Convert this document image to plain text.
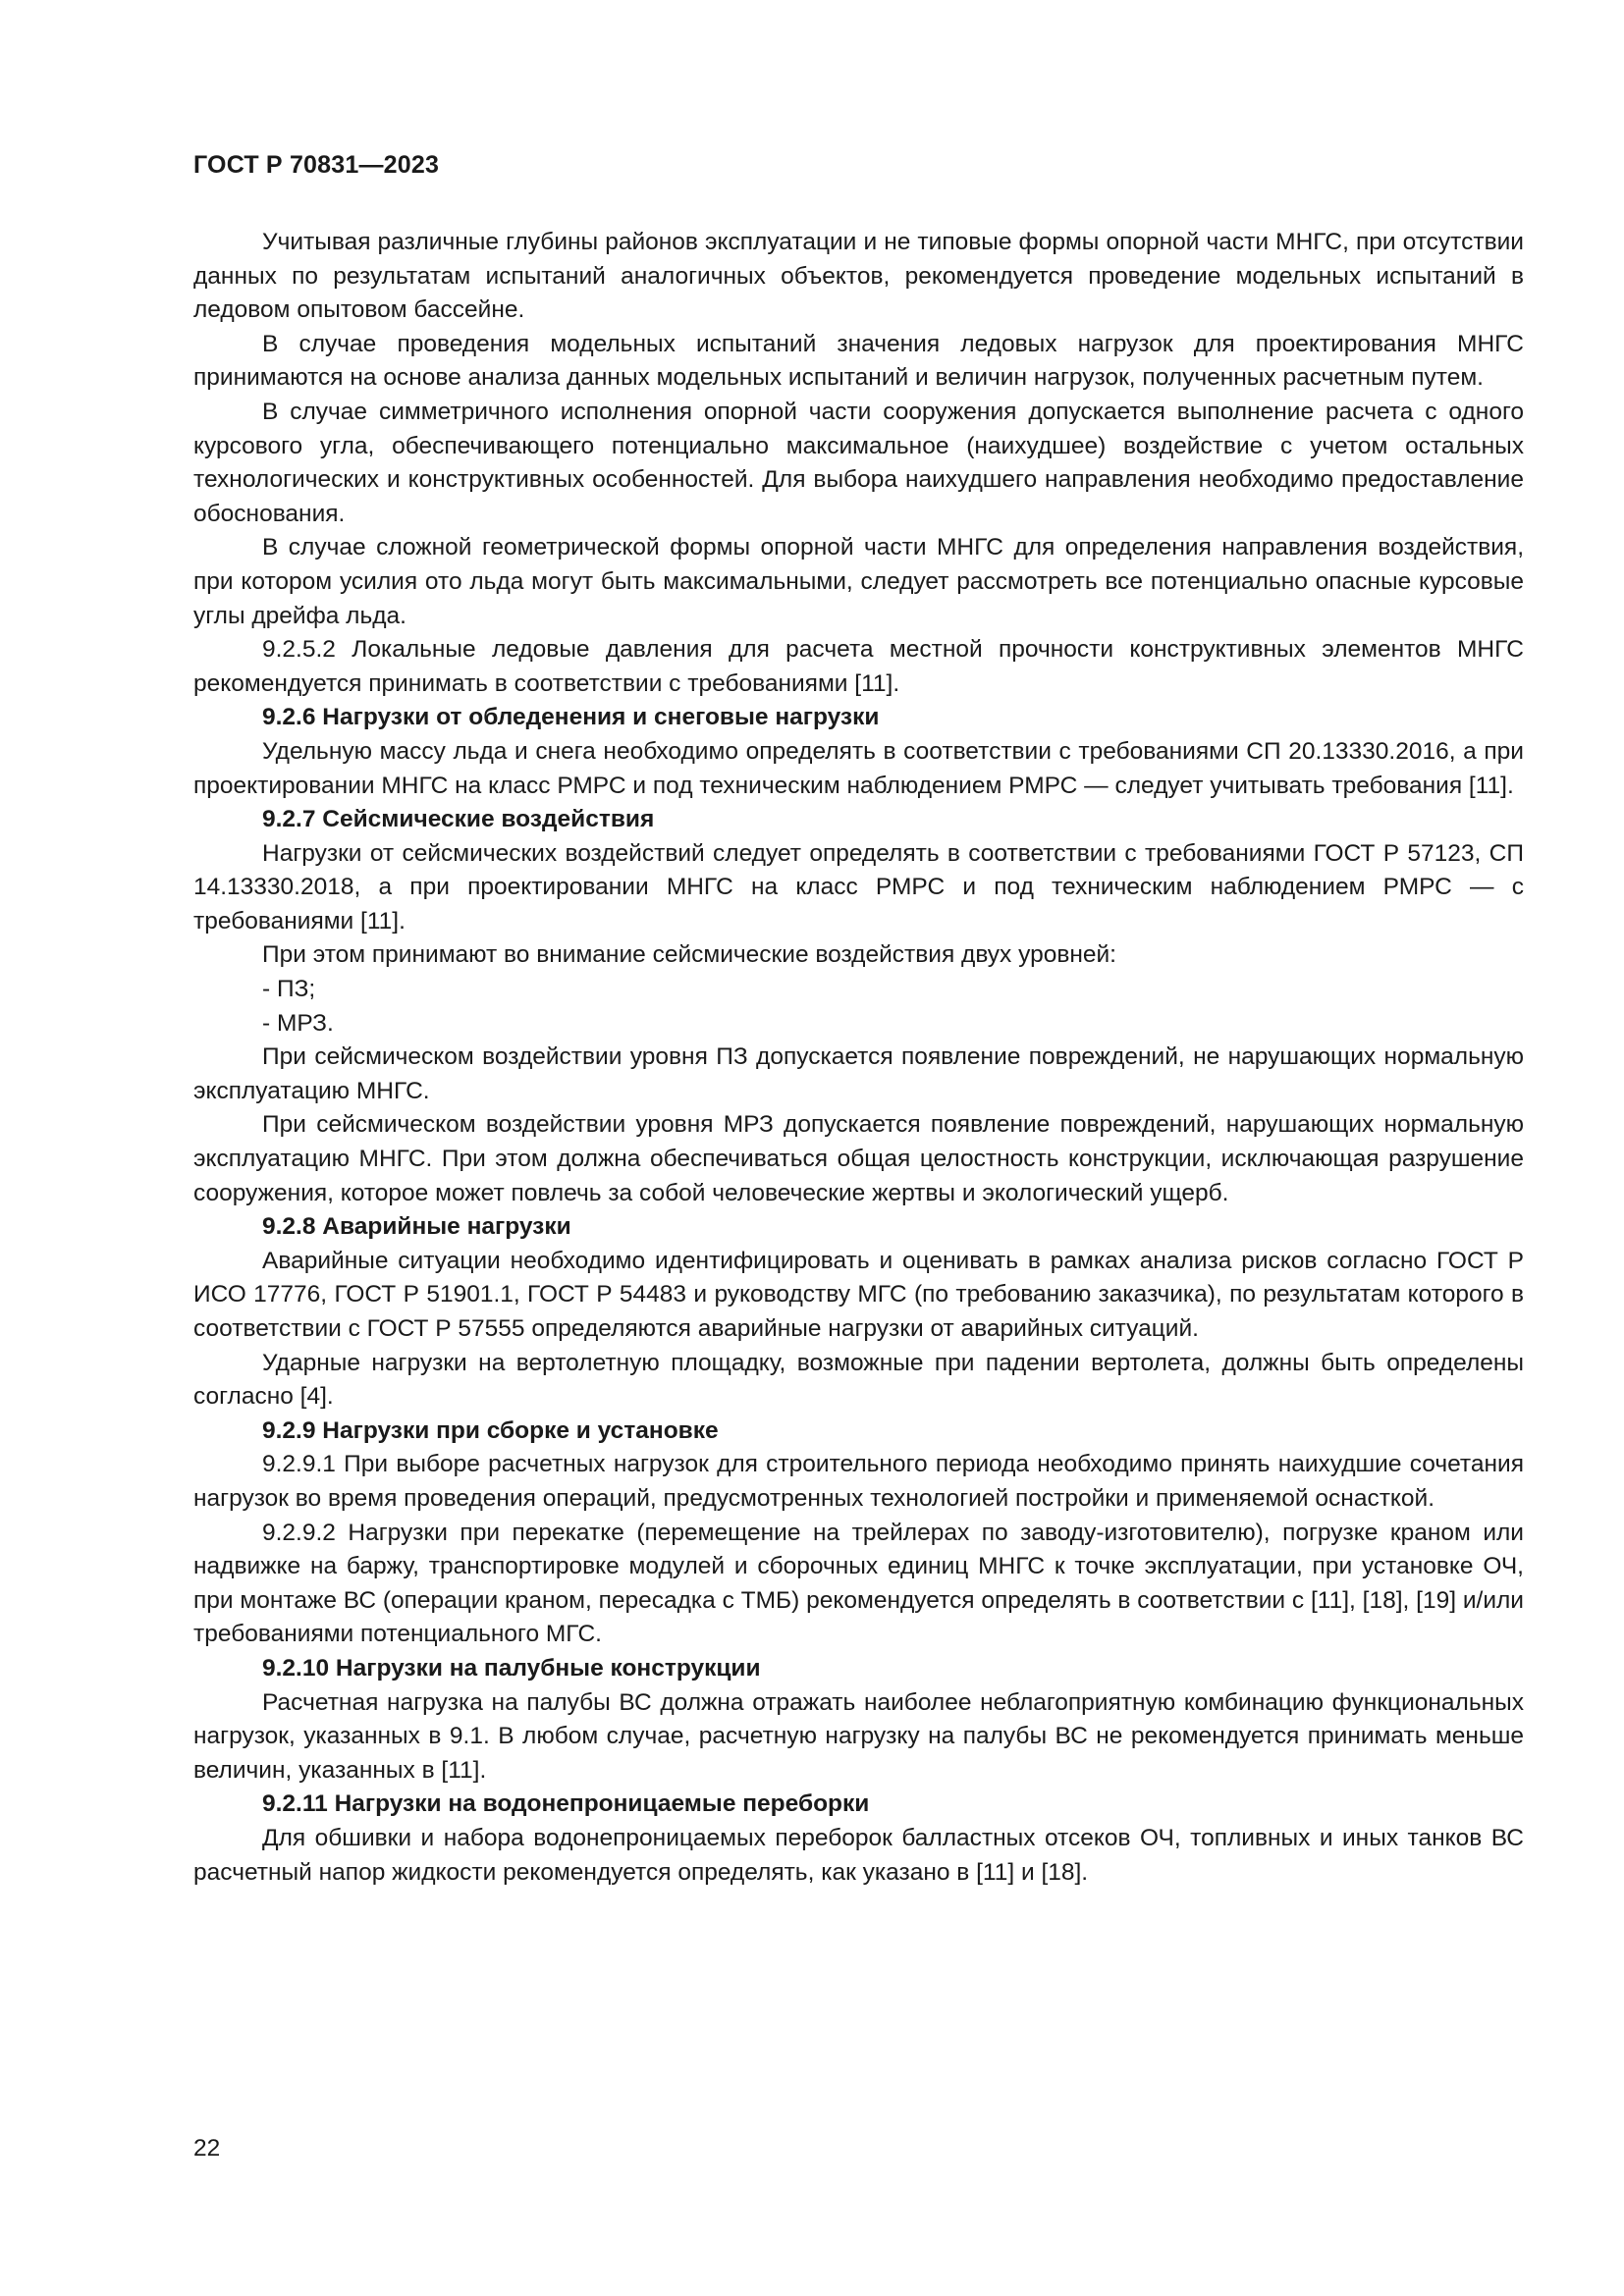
ГОСТ Р 70831—2023

Учитывая различные глубины районов эксплуатации и не типовые формы опорной части МНГС, при отсутствии данных по результатам испытаний аналогичных объектов, рекомендуется проведение модельных испытаний в ледовом опытовом бассейне.

В случае проведения модельных испытаний значения ледовых нагрузок для проектирования МНГС принимаются на основе анализа данных модельных испытаний и величин нагрузок, полученных расчетным путем.

В случае симметричного исполнения опорной части сооружения допускается выполнение расчета с одного курсового угла, обеспечивающего потенциально максимальное (наихудшее) воздействие с учетом остальных технологических и конструктивных особенностей. Для выбора наихудшего направления необходимо предоставление обоснования.

В случае сложной геометрической формы опорной части МНГС для определения направления воздействия, при котором усилия ото льда могут быть максимальными, следует рассмотреть все потенциально опасные курсовые углы дрейфа льда.

9.2.5.2 Локальные ледовые давления для расчета местной прочности конструктивных элементов МНГС рекомендуется принимать в соответствии с требованиями [11].

9.2.6 Нагрузки от обледенения и снеговые нагрузки

Удельную массу льда и снега необходимо определять в соответствии с требованиями СП 20.13330.2016, а при проектировании МНГС на класс РМРС и под техническим наблюдением РМРС — следует учитывать требования [11].

9.2.7 Сейсмические воздействия

Нагрузки от сейсмических воздействий следует определять в соответствии с требованиями ГОСТ Р 57123, СП 14.13330.2018, а при проектировании МНГС на класс РМРС и под техническим наблюдением РМРС — с требованиями [11].

При этом принимают во внимание сейсмические воздействия двух уровней:

- ПЗ;

- МРЗ.

При сейсмическом воздействии уровня ПЗ допускается появление повреждений, не нарушающих нормальную эксплуатацию МНГС.

При сейсмическом воздействии уровня МРЗ допускается появление повреждений, нарушающих нормальную эксплуатацию МНГС. При этом должна обеспечиваться общая целостность конструкции, исключающая разрушение сооружения, которое может повлечь за собой человеческие жертвы и экологический ущерб.

9.2.8 Аварийные нагрузки

Аварийные ситуации необходимо идентифицировать и оценивать в рамках анализа рисков согласно ГОСТ Р ИСО 17776, ГОСТ Р 51901.1, ГОСТ Р 54483 и руководству МГС (по требованию заказчика), по результатам которого в соответствии с ГОСТ Р 57555 определяются аварийные нагрузки от аварийных ситуаций.

Ударные нагрузки на вертолетную площадку, возможные при падении вертолета, должны быть определены согласно [4].

9.2.9 Нагрузки при сборке и установке

9.2.9.1 При выборе расчетных нагрузок для строительного периода необходимо принять наихудшие сочетания нагрузок во время проведения операций, предусмотренных технологией постройки и применяемой оснасткой.

9.2.9.2 Нагрузки при перекатке (перемещение на трейлерах по заводу-изготовителю), погрузке краном или надвижке на баржу, транспортировке модулей и сборочных единиц МНГС к точке эксплуатации, при установке ОЧ, при монтаже ВС (операции краном, пересадка с ТМБ) рекомендуется определять в соответствии с [11], [18], [19] и/или требованиями потенциального МГС.

9.2.10 Нагрузки на палубные конструкции

Расчетная нагрузка на палубы ВС должна отражать наиболее неблагоприятную комбинацию функциональных нагрузок, указанных в 9.1. В любом случае, расчетную нагрузку на палубы ВС не рекомендуется принимать меньше величин, указанных в [11].

9.2.11 Нагрузки на водонепроницаемые переборки

Для обшивки и набора водонепроницаемых переборок балластных отсеков ОЧ, топливных и иных танков ВС расчетный напор жидкости рекомендуется определять, как указано в [11] и [18].

22
